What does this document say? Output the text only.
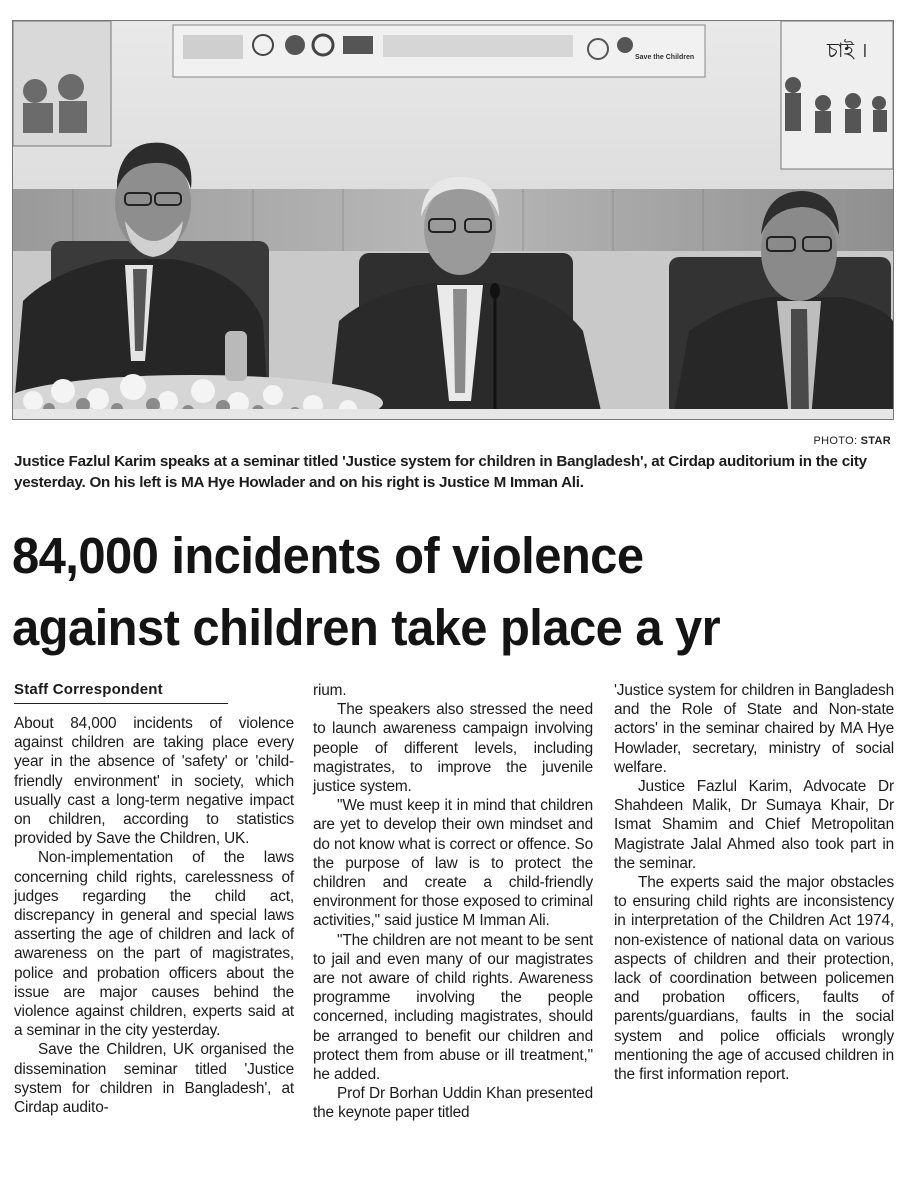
Save the Children	চাই ।
PHOTO: STAR
Justice Fazlul Karim speaks at a seminar titled 'Justice system for children in Bangladesh', at Cirdap auditorium in the city yesterday. On his left is MA Hye Howlader and on his right is Justice M Imman Ali.
84,000 incidents of violence
against children take place a yr
Staff Correspondent

About 84,000 incidents of violence against children are taking place every year in the absence of 'safety' or 'child-friendly environment' in society, which usually cast a long-term negative impact on children, according to statistics provided by Save the Children, UK.

Non-implementation of the laws concerning child rights, carelessness of judges regarding the child act, discrepancy in general and special laws asserting the age of children and lack of awareness on the part of magistrates, police and probation officers about the issue are major causes behind the violence against children, experts said at a seminar in the city yesterday.

Save the Children, UK organised the dissemination seminar titled 'Justice system for children in Bangladesh', at Cirdap audito-

rium.

The speakers also stressed the need to launch awareness campaign involving people of different levels, including magistrates, to improve the juvenile justice system.

"We must keep it in mind that children are yet to develop their own mindset and do not know what is correct or offence. So the purpose of law is to protect the children and create a child-friendly environment for those exposed to criminal activities," said justice M Imman Ali.

"The children are not meant to be sent to jail and even many of our magistrates are not aware of child rights. Awareness programme involving the people concerned, including magistrates, should be arranged to benefit our children and protect them from abuse or ill treatment," he added.

Prof Dr Borhan Uddin Khan presented the keynote paper titled

'Justice system for children in Bangladesh and the Role of State and Non-state actors' in the seminar chaired by MA Hye Howlader, secretary, ministry of social welfare.

Justice Fazlul Karim, Advocate Dr Shahdeen Malik, Dr Sumaya Khair, Dr Ismat Shamim and Chief Metropolitan Magistrate Jalal Ahmed also took part in the seminar.

The experts said the major obstacles to ensuring child rights are inconsistency in interpretation of the Children Act 1974, non-existence of national data on various aspects of children and their protection, lack of coordination between policemen and probation officers, faults of parents/guardians, faults in the social system and police officials wrongly mentioning the age of accused children in the first information report.
